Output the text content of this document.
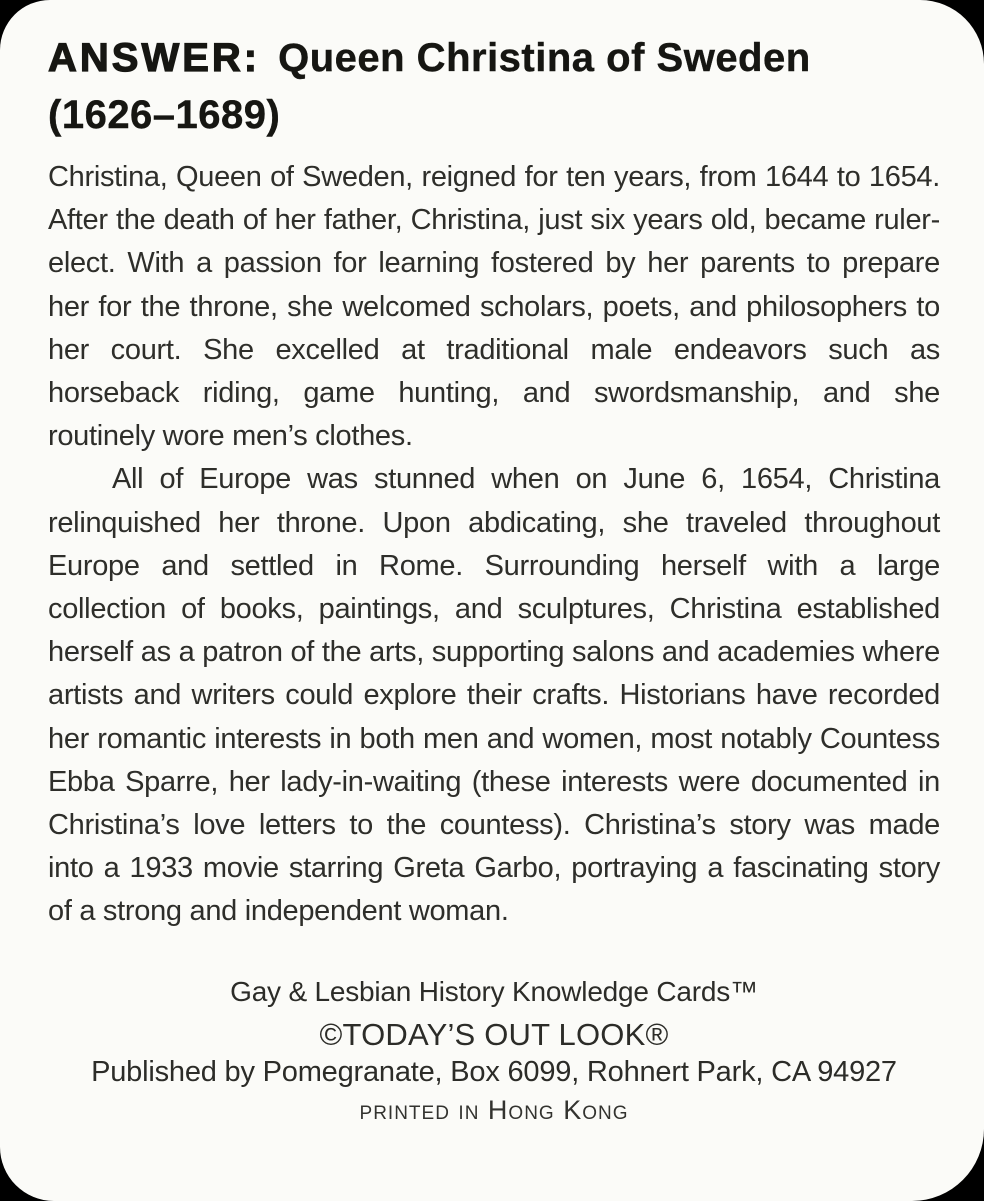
ANSWER: Queen Christina of Sweden (1626–1689)

Christina, Queen of Sweden, reigned for ten years, from 1644 to 1654. After the death of her father, Christina, just six years old, became ruler-elect. With a passion for learning fostered by her parents to prepare her for the throne, she welcomed scholars, poets, and philosophers to her court. She excelled at traditional male endeavors such as horseback riding, game hunting, and swordsmanship, and she routinely wore men’s clothes.

All of Europe was stunned when on June 6, 1654, Christina relinquished her throne. Upon abdicating, she traveled throughout Europe and settled in Rome. Surrounding herself with a large collection of books, paintings, and sculptures, Christina established herself as a patron of the arts, supporting salons and academies where artists and writers could explore their crafts. Historians have recorded her romantic interests in both men and women, most notably Countess Ebba Sparre, her lady-in-waiting (these interests were documented in Christina’s love letters to the countess). Christina’s story was made into a 1933 movie starring Greta Garbo, portraying a fascinating story of a strong and independent woman.

Gay & Lesbian History Knowledge Cards™
©TODAY’S OUT LOOK®
Published by Pomegranate, Box 6099, Rohnert Park, CA 94927
printed in Hong Kong
